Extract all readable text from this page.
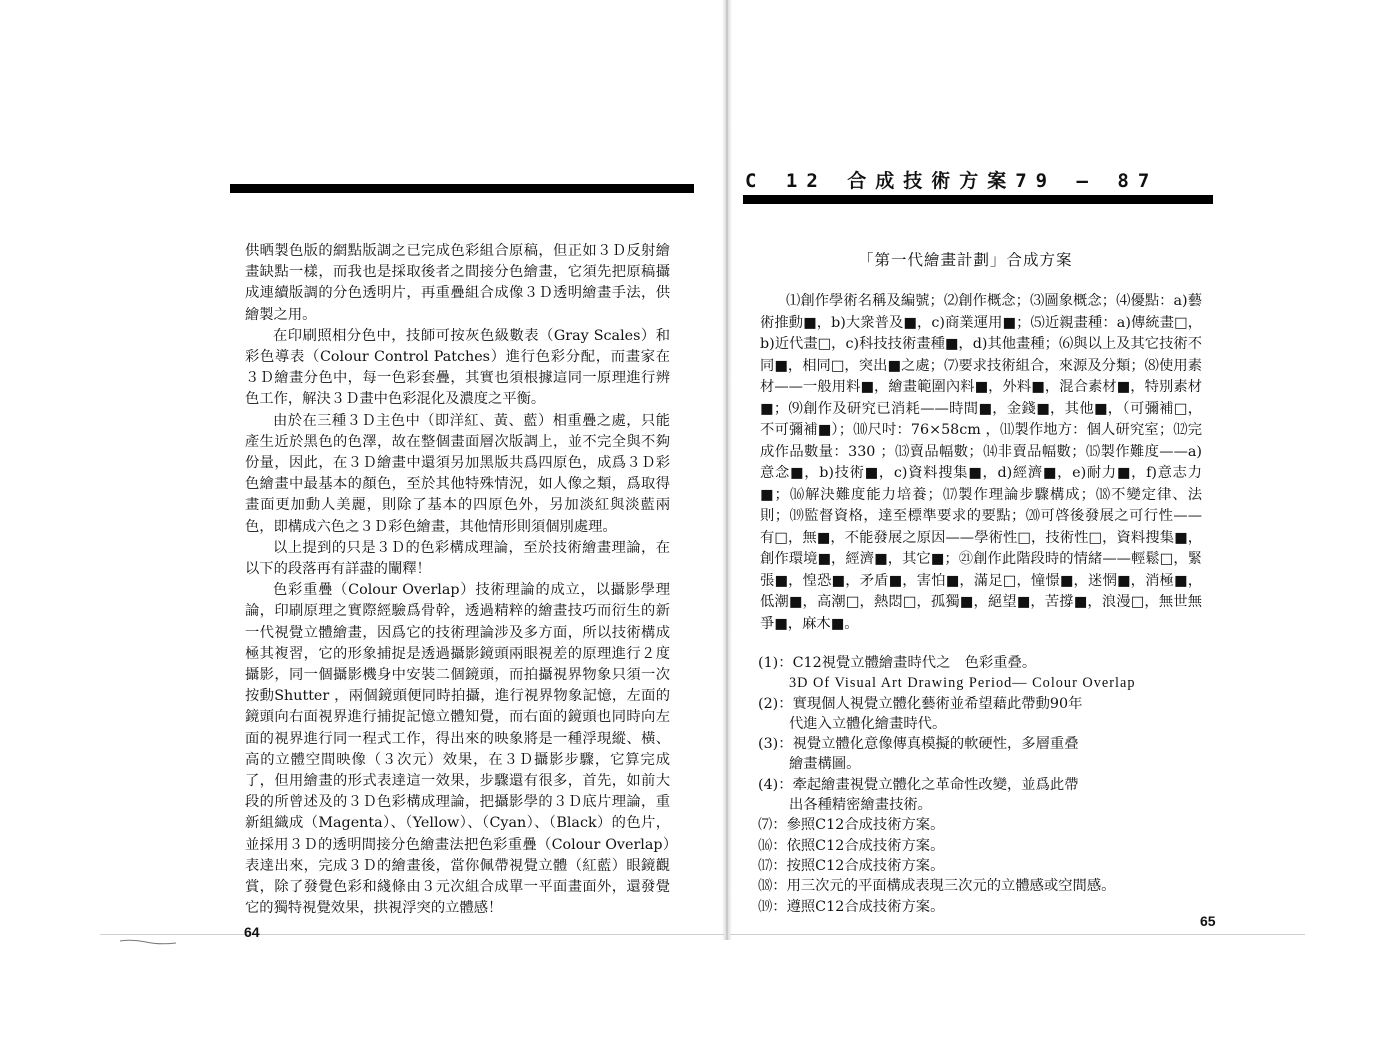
供晒製色版的網點版調之已完成色彩組合原稿，但正如３Ｄ反射繪畫缺點一樣，而我也是採取後者之間接分色繪畫，它須先把原稿攝成連續版調的分色透明片，再重疊組合成像３Ｄ透明繪畫手法，供繪製之用。

在印刷照相分色中，技師可按灰色級數表（Gray Scales）和彩色導表（Colour Control Patches）進行色彩分配，而畫家在３Ｄ繪畫分色中，每一色彩套疊，其實也須根據這同一原理進行辨色工作，解決３Ｄ畫中色彩混化及濃度之平衡。

由於在三種３Ｄ主色中（即洋紅、黃、藍）相重疊之處，只能產生近於黑色的色澤，故在整個畫面層次版調上，並不完全與不夠份量，因此，在３Ｄ繪畫中還須另加黑版共爲四原色，成爲３Ｄ彩色繪畫中最基本的顏色，至於其他特殊情況，如人像之類，爲取得畫面更加動人美麗，則除了基本的四原色外，另加淡紅與淡藍兩色，即構成六色之３Ｄ彩色繪畫，其他情形則須個別處理。

以上提到的只是３Ｄ的色彩構成理論，至於技術繪畫理論，在以下的段落再有詳盡的闡釋！

色彩重疊（Colour Overlap）技術理論的成立，以攝影學理論，印刷原理之實際經驗爲骨幹，透過精粹的繪畫技巧而衍生的新一代視覺立體繪畫，因爲它的技術理論涉及多方面，所以技術構成極其複習，它的形象捕捉是透過攝影鏡頭兩眼視差的原理進行２度攝影，同一個攝影機身中安裝二個鏡頭，而拍攝視界物象只須一次按動Shutter ，兩個鏡頭便同時拍攝，進行視界物象記憶，左面的鏡頭向右面視界進行捕捉記憶立體知覺，而右面的鏡頭也同時向左面的視界進行同一程式工作，得出來的映象將是一種浮現縱、橫、高的立體空間映像（３次元）效果，在３Ｄ攝影步驟，它算完成了，但用繪畫的形式表達這一效果，步驟還有很多，首先，如前大段的所曾述及的３Ｄ色彩構成理論，把攝影學的３Ｄ底片理論，重新組織成（Magenta）、（Yellow）、（Cyan）、（Black）的色片，並採用３Ｄ的透明間接分色繪畫法把色彩重疊（Colour Overlap）表達出來，完成３Ｄ的繪畫後，當你佩帶視覺立體（紅藍）眼鏡觀賞，除了發覺色彩和綫條由３元次組合成單一平面畫面外，還發覺它的獨特視覺效果，拱視浮突的立體感！

64
C 12 合成技術方案79 — 87
「第一代繪畫計劃」合成方案

⑴創作學術名稱及編號；⑵創作概念；⑶圖象概念；⑷優點：a)藝術推動■，b)大衆普及■，c)商業運用■；⑸近親畫種：a)傳統畫□，b)近代畫□，c)科技技術畫種■，d)其他畫種；⑹與以上及其它技術不同■，相同□，突出■之處；⑺要求技術組合，來源及分類；⑻使用素材——一般用料■，繪畫範圍內料■，外料■，混合素材■，特別素材■；⑼創作及研究已消耗——時間■，金錢■，其他■，（可彌補□，不可彌補■）；⑽尺吋：76×58cm ，⑾製作地方：個人研究室；⑿完成作品數量：330 ；⒀賣品幅數；⒁非賣品幅數；⒂製作難度——a)意念■，b)技術■，c)資料搜集■，d)經濟■，e)耐力■，f)意志力■；⒃解決難度能力培養；⒄製作理論步驟構成；⒅不變定律、法則；⒆監督資格，達至標準要求的要點；⒇可啓後發展之可行性——有□，無■，不能發展之原因——學術性□，技術性□，資料搜集■，創作環境■，經濟■，其它■；㉑創作此階段時的情緒——輕鬆□，緊張■，惶恐■，矛盾■，害怕■，滿足□，憧憬■，迷惘■，消極■，低潮■，高潮□，熱悶□，孤獨■，絕望■，苦撐■，浪漫□，無世無爭■，麻木■。

(1)：C12視覺立體繪畫時代之　色彩重叠。

3D Of Visual Art Drawing Period— Colour Overlap

(2)：實現個人視覺立體化藝術並希望藉此帶動90年

代進入立體化繪畫時代。

(3)：視覺立體化意像傳真模擬的軟硬性，多層重叠

繪畫構圖。

(4)：牽起繪畫視覺立體化之革命性改變，並爲此帶

出各種精密繪畫技術。

⑺：參照C12合成技術方案。

⒃：依照C12合成技術方案。

⒄：按照C12合成技術方案。

⒅：用三次元的平面構成表現三次元的立體感或空間感。

⒆：遵照C12合成技術方案。

65
